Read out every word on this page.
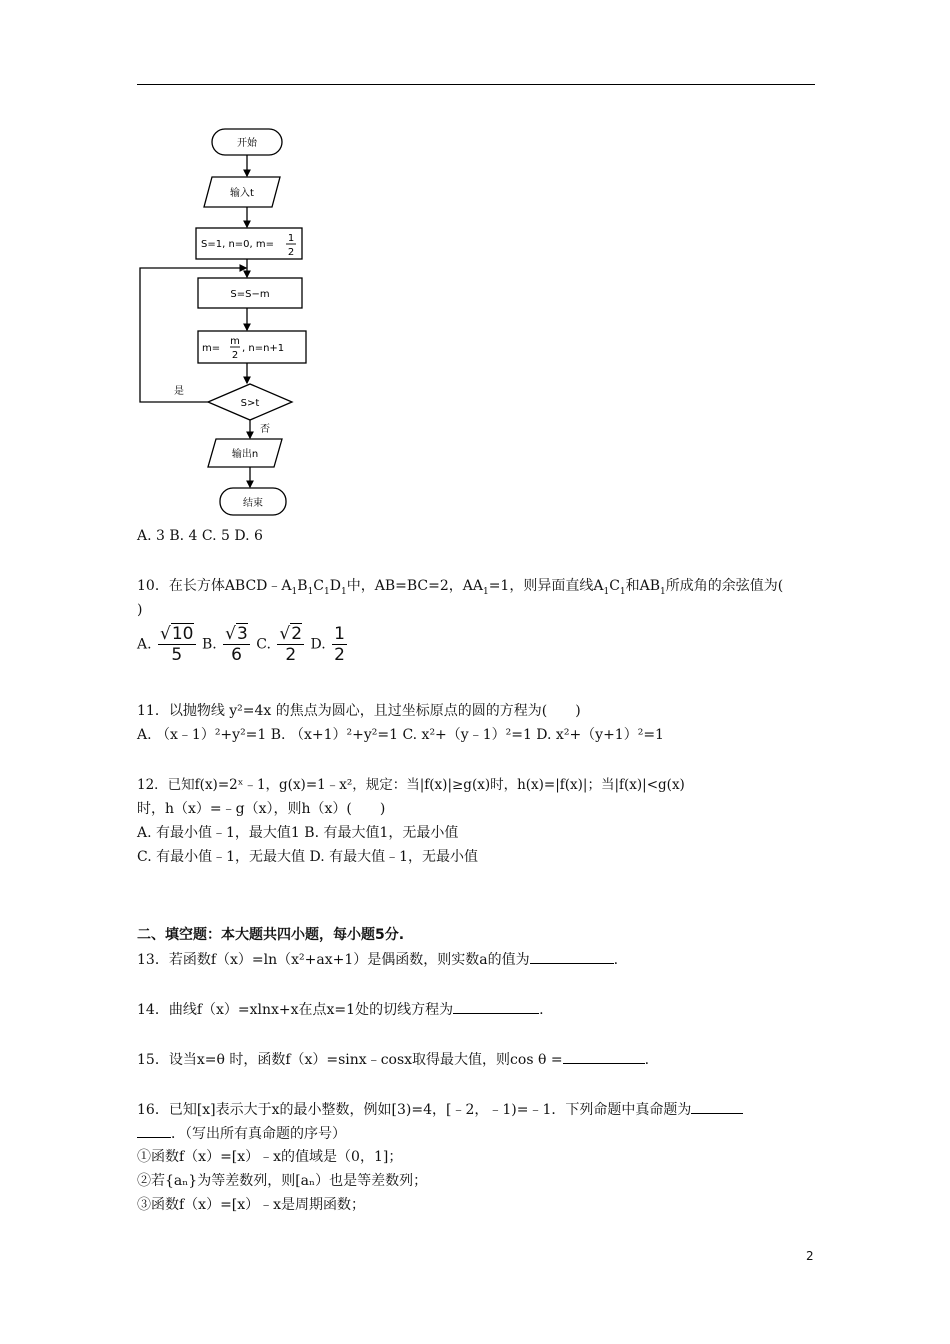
开始
输入t
S=1, n=0, m=
1
2
S=S−m
m=
m
2
, n=n+1
S>t
是
否
输出n
结束
A. 3 B. 4 C. 5 D. 6
10．在长方体$ABCD﹣A_1B_1C_1D_1$中，AB=BC=2，$AA_1=1$，则异面直线$A_1C_1$和$AB_1$所成角的余弦值为(
)
A. $\frac{√10}{5} B$. $\frac{√3}{6} C$. $\frac{√2}{2} D$. $\frac{1}{2}$
11．以抛物线 y²=4x 的焦点为圆心，且过坐标原点的圆的方程为(　　)
A. （x﹣1）²+y²=1 B. （x+1）²+y²=1 C. x²+（y﹣1）²=1 D. x²+（y+1）²=1
12．已知f(x)=2ˣ﹣1，g(x)=1﹣x²，规定：当|f(x)|≥g(x)时，h(x)=|f(x)|；当|f(x)|<g(x)
时，h（x）=﹣g（x），则h（x）(　　)
A. 有最小值﹣1，最大值1 B. 有最大值1，无最小值
C. 有最小值﹣1，无最大值 D. 有最大值﹣1，无最小值
二、填空题：本大题共四小题，每小题5分.
13．若函数f（x）=ln（x²+ax+1）是偶函数，则实数a的值为	.
14．曲线f（x）=xlnx+x在点x=1处的切线方程为	.
15．设当x=θ 时，函数f（x）=sinx﹣cosx取得最大值，则cos θ =	.
16．已知[x]表示大于x的最小整数，例如[3)=4，[﹣2，﹣1)=﹣1．下列命题中真命题为
．（写出所有真命题的序号）
①函数f（x）=[x）﹣x的值域是（0，1]；
②若{aₙ}为等差数列，则[aₙ）也是等差数列；
③函数f（x）=[x）﹣x是周期函数；
2
